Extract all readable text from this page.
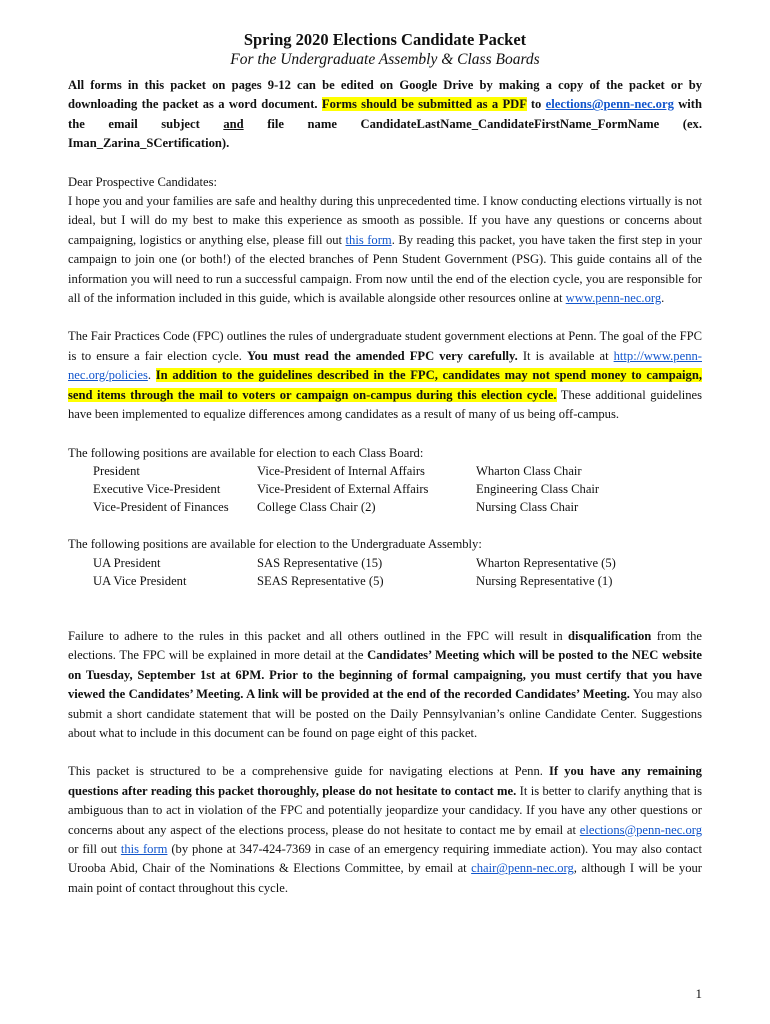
Spring 2020 Elections Candidate Packet

For the Undergraduate Assembly & Class Boards

All forms in this packet on pages 9-12 can be edited on Google Drive by making a copy of the packet or by downloading the packet as a word document. Forms should be submitted as a PDF to elections@penn-nec.org with the email subject and file name CandidateLastName_CandidateFirstName_FormName (ex. Iman_Zarina_SCertification).

Dear Prospective Candidates:

I hope you and your families are safe and healthy during this unprecedented time. I know conducting elections virtually is not ideal, but I will do my best to make this experience as smooth as possible. If you have any questions or concerns about campaigning, logistics or anything else, please fill out this form. By reading this packet, you have taken the first step in your campaign to join one (or both!) of the elected branches of Penn Student Government (PSG). This guide contains all of the information you will need to run a successful campaign. From now until the end of the election cycle, you are responsible for all of the information included in this guide, which is available alongside other resources online at www.penn-nec.org.

The Fair Practices Code (FPC) outlines the rules of undergraduate student government elections at Penn. The goal of the FPC is to ensure a fair election cycle. You must read the amended FPC very carefully. It is available at http://www.penn-nec.org/policies. In addition to the guidelines described in the FPC, candidates may not spend money to campaign, send items through the mail to voters or campaign on-campus during this election cycle. These additional guidelines have been implemented to equalize differences among candidates as a result of many of us being off-campus.

The following positions are available for election to each Class Board:
President	Vice-President of Internal Affairs	Wharton Class Chair
Executive Vice-President	Vice-President of External Affairs	Engineering Class Chair
Vice-President of Finances	College Class Chair (2)	Nursing Class Chair
The following positions are available for election to the Undergraduate Assembly:
UA President	SAS Representative (15)	Wharton Representative (5)
UA Vice President	SEAS Representative (5)	Nursing Representative (1)

Failure to adhere to the rules in this packet and all others outlined in the FPC will result in disqualification from the elections. The FPC will be explained in more detail at the Candidates’ Meeting which will be posted to the NEC website on Tuesday, September 1st at 6PM. Prior to the beginning of formal campaigning, you must certify that you have viewed the Candidates’ Meeting. A link will be provided at the end of the recorded Candidates’ Meeting. You may also submit a short candidate statement that will be posted on the Daily Pennsylvanian’s online Candidate Center. Suggestions about what to include in this document can be found on page eight of this packet.

This packet is structured to be a comprehensive guide for navigating elections at Penn. If you have any remaining questions after reading this packet thoroughly, please do not hesitate to contact me. It is better to clarify anything that is ambiguous than to act in violation of the FPC and potentially jeopardize your candidacy. If you have any other questions or concerns about any aspect of the elections process, please do not hesitate to contact me by email at elections@penn-nec.org or fill out this form (by phone at 347-424-7369 in case of an emergency requiring immediate action). You may also contact Urooba Abid, Chair of the Nominations & Elections Committee, by email at chair@penn-nec.org, although I will be your main point of contact throughout this cycle.

1
